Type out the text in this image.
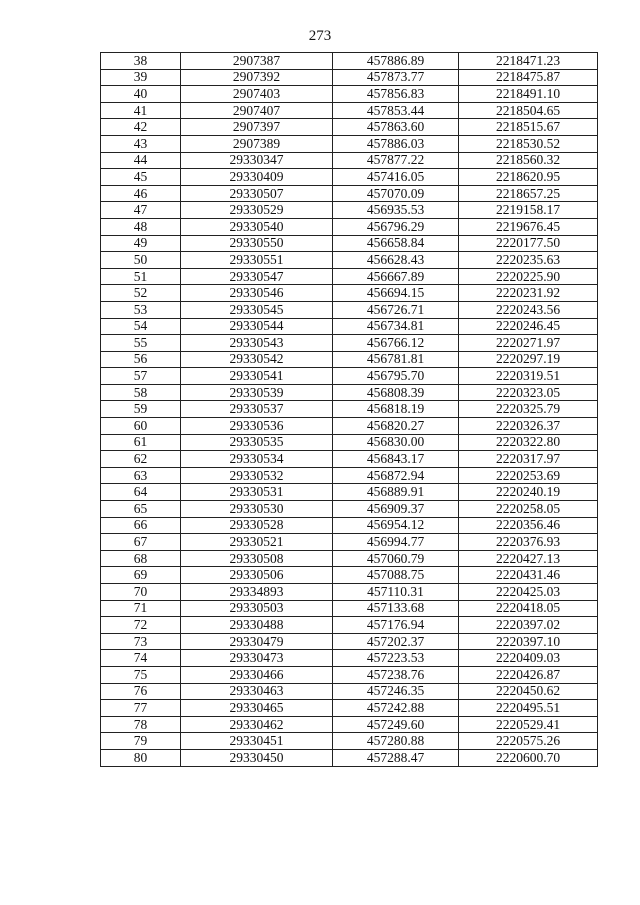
273
38	2907387	457886.89	2218471.23
39	2907392	457873.77	2218475.87
40	2907403	457856.83	2218491.10
41	2907407	457853.44	2218504.65
42	2907397	457863.60	2218515.67
43	2907389	457886.03	2218530.52
44	29330347	457877.22	2218560.32
45	29330409	457416.05	2218620.95
46	29330507	457070.09	2218657.25
47	29330529	456935.53	2219158.17
48	29330540	456796.29	2219676.45
49	29330550	456658.84	2220177.50
50	29330551	456628.43	2220235.63
51	29330547	456667.89	2220225.90
52	29330546	456694.15	2220231.92
53	29330545	456726.71	2220243.56
54	29330544	456734.81	2220246.45
55	29330543	456766.12	2220271.97
56	29330542	456781.81	2220297.19
57	29330541	456795.70	2220319.51
58	29330539	456808.39	2220323.05
59	29330537	456818.19	2220325.79
60	29330536	456820.27	2220326.37
61	29330535	456830.00	2220322.80
62	29330534	456843.17	2220317.97
63	29330532	456872.94	2220253.69
64	29330531	456889.91	2220240.19
65	29330530	456909.37	2220258.05
66	29330528	456954.12	2220356.46
67	29330521	456994.77	2220376.93
68	29330508	457060.79	2220427.13
69	29330506	457088.75	2220431.46
70	29334893	457110.31	2220425.03
71	29330503	457133.68	2220418.05
72	29330488	457176.94	2220397.02
73	29330479	457202.37	2220397.10
74	29330473	457223.53	2220409.03
75	29330466	457238.76	2220426.87
76	29330463	457246.35	2220450.62
77	29330465	457242.88	2220495.51
78	29330462	457249.60	2220529.41
79	29330451	457280.88	2220575.26
80	29330450	457288.47	2220600.70
